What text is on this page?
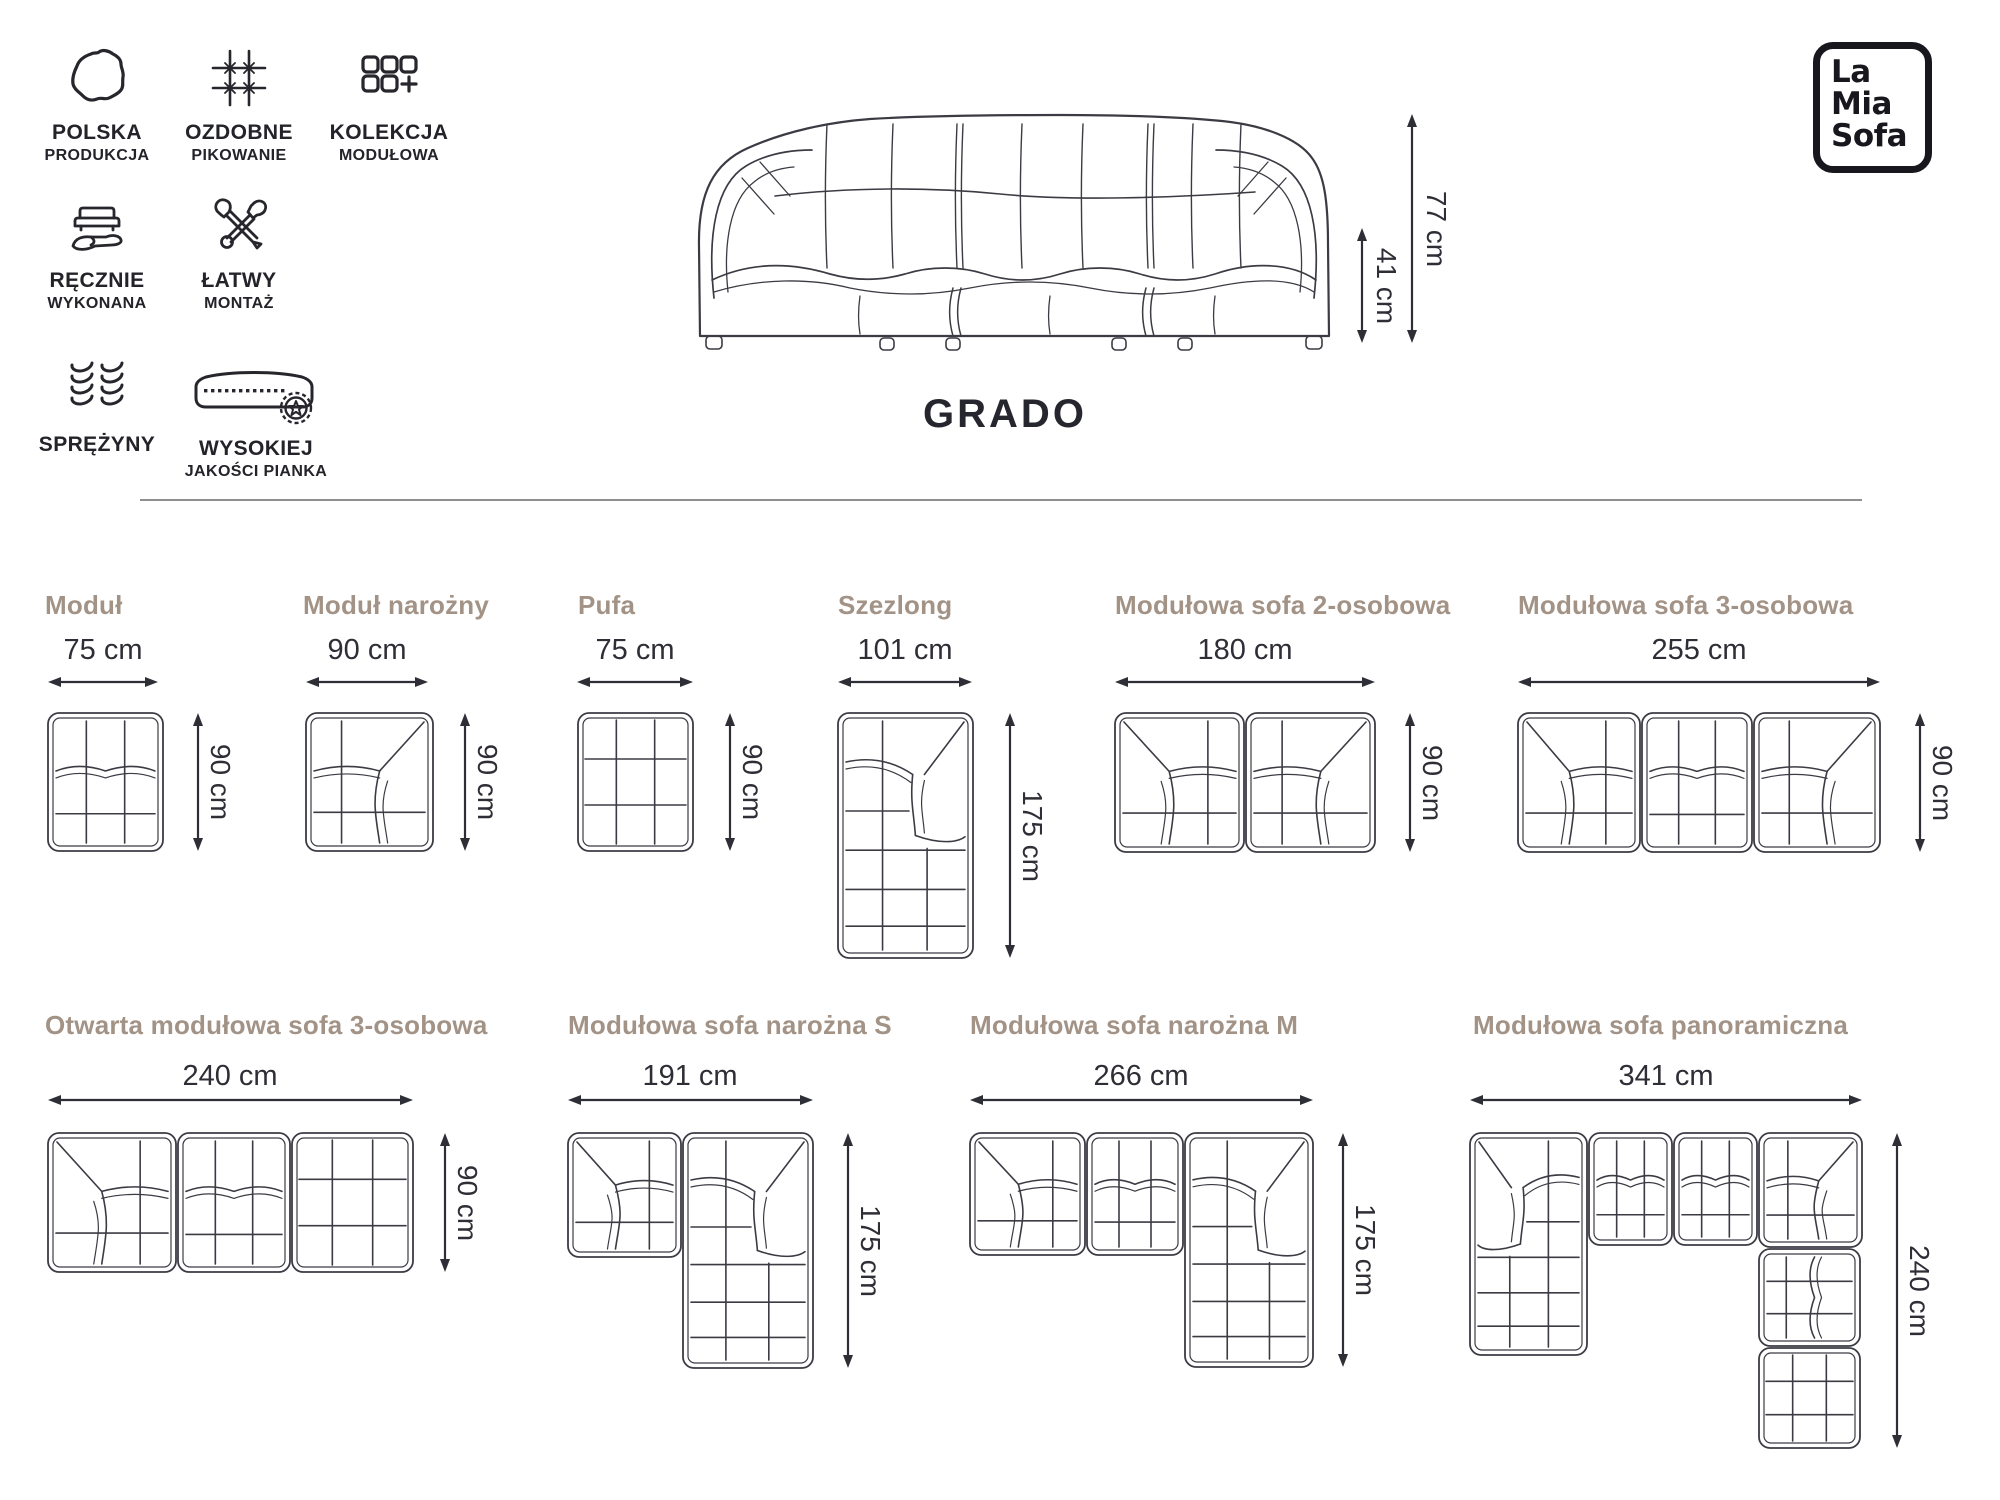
POLSKA
PRODUKCJA
OZDOBNE
PIKOWANIE
KOLEKCJA
MODUŁOWA
RĘCZNIE
WYKONANA
ŁATWY
MONTAŻ
SPRĘŻYNY	WYSOKIEJ
JAKOŚCI PIANKA
GRADO
41 cm
77 cm
La
Mia
Sofa
Moduł	Moduł narożny	Pufa	Szezlong	Modułowa sofa 2-osobowa	Modułowa sofa 3-osobowa
Otwarta modułowa sofa 3-osobowa	Modułowa sofa narożna S	Modułowa sofa narożna M	Modułowa sofa panoramiczna
75 cm	90 cm	75 cm	101 cm	180 cm	255 cm
240 cm	191 cm	266 cm	341 cm
90 cm	90 cm	90 cm
175 cm
90 cm	90 cm
90 cm
175 cm	175 cm	240 cm
